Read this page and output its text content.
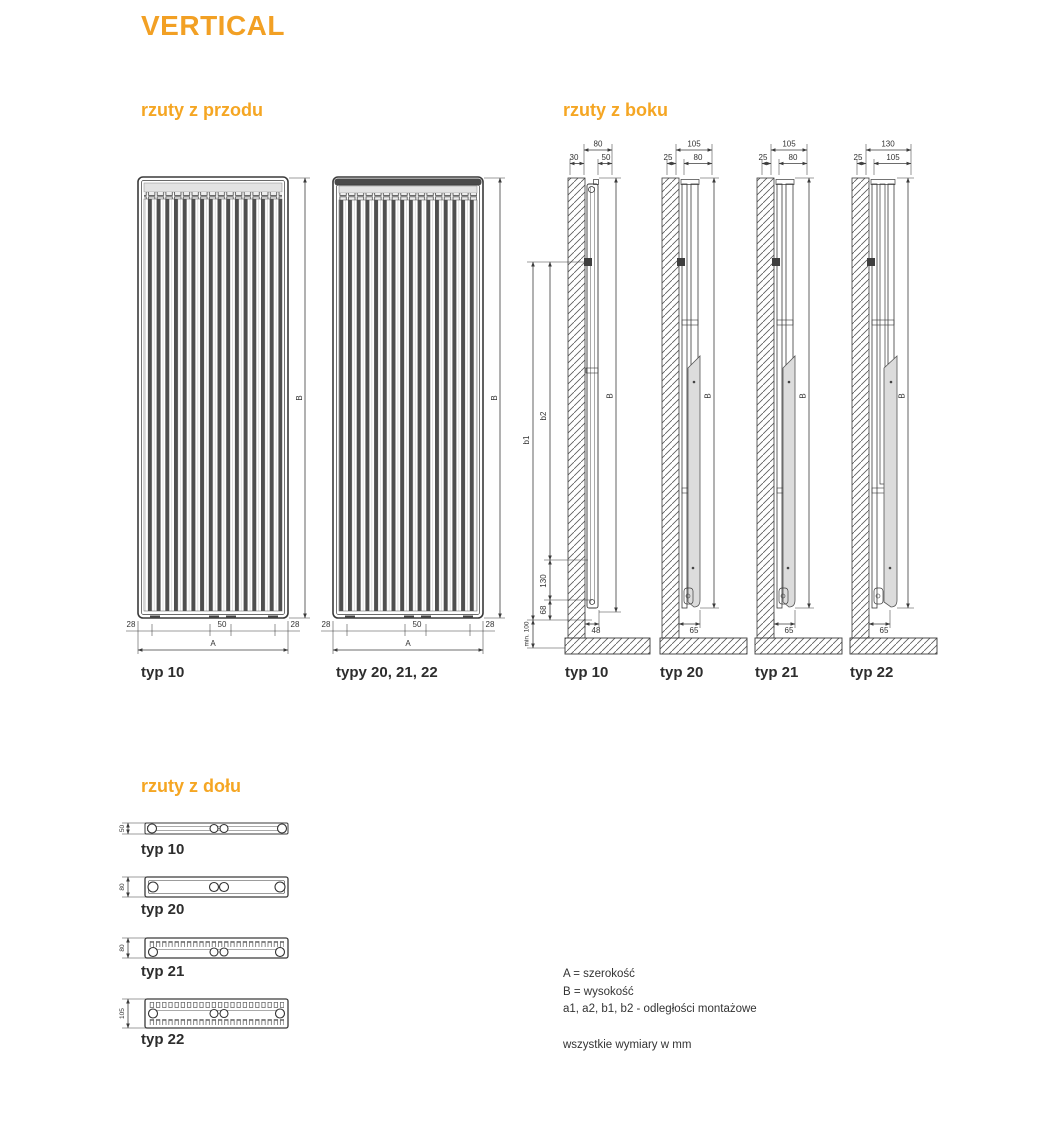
VERTICAL
rzuty z przodu	rzuty z boku
rzuty z dołu
B
28	50	28
A
B
28	50	28
A
B
80
30	50
48
b1
b2
130
68
min. 100
B
105
25	80
65
B
105
25	80
65
B
130
25	105
65
50
80
80
105
typ 10	typy 20, 21, 22	typ 10	typ 20	typ 21	typ 22
typ 10
typ 20
typ 21
typ 22
A = szerokość
B = wysokość
a1, a2, b1, b2 - odległości montażowe
wszystkie wymiary w mm
